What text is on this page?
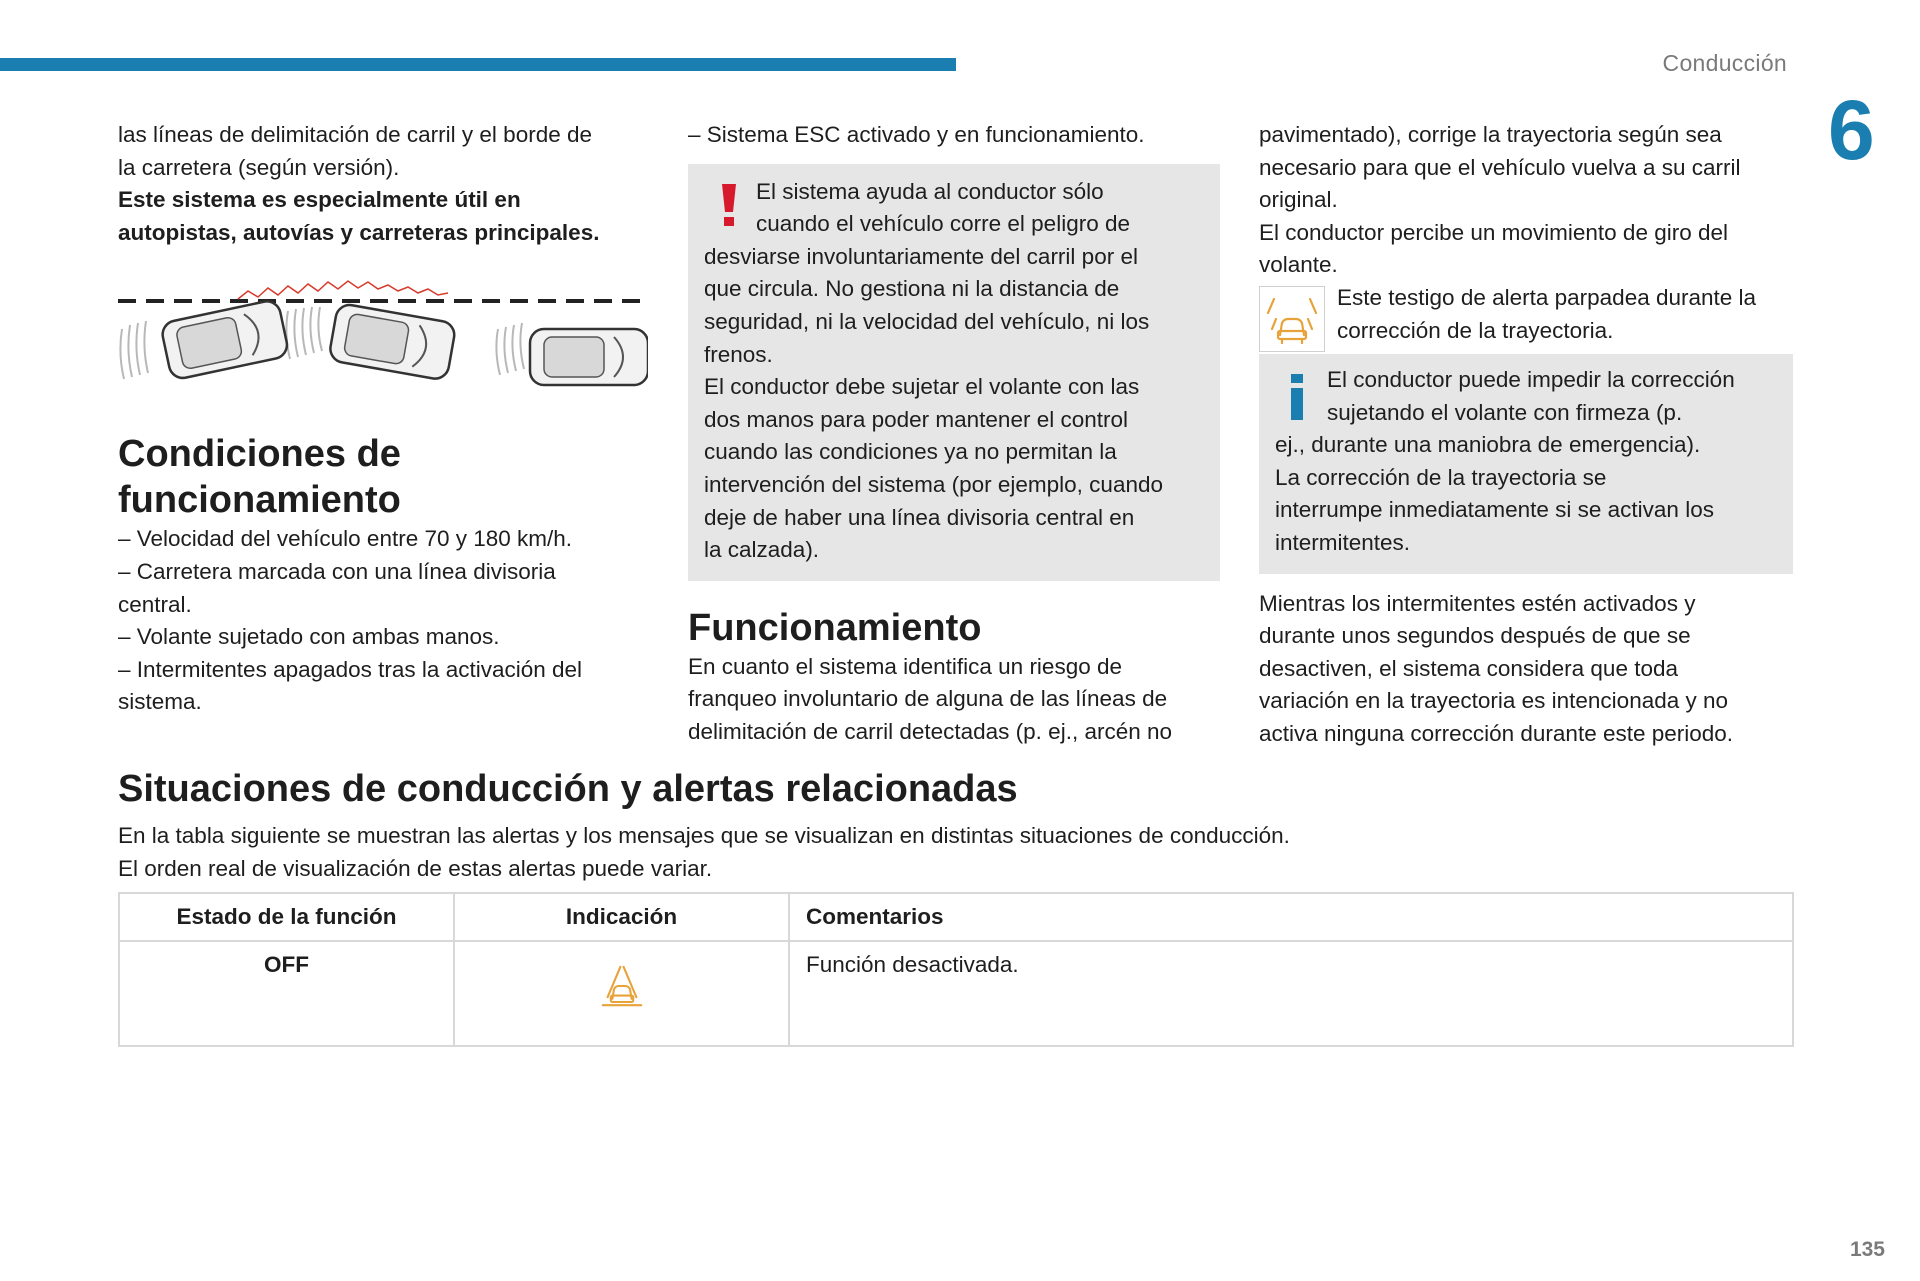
Conducción
6

las líneas de delimitación de carril y el borde de

la carretera (según versión).

Este sistema es especialmente útil en

autopistas, autovías y carreteras principales.

Condiciones de

funcionamiento

– Velocidad del vehículo entre 70 y 180 km/h.

– Carretera marcada con una línea divisoria

central.

– Volante sujetado con ambas manos.

– Intermitentes apagados tras la activación del

sistema.

– Sistema ESC activado y en funcionamiento.

El sistema ayuda al conductor sólo

cuando el vehículo corre el peligro de

desviarse involuntariamente del carril por el

que circula. No gestiona ni la distancia de

seguridad, ni la velocidad del vehículo, ni los

frenos.

El conductor debe sujetar el volante con las

dos manos para poder mantener el control

cuando las condiciones ya no permitan la

intervención del sistema (por ejemplo, cuando

deje de haber una línea divisoria central en

la calzada).

Funcionamiento

En cuanto el sistema identifica un riesgo de

franqueo involuntario de alguna de las líneas de

delimitación de carril detectadas (p. ej., arcén no

pavimentado), corrige la trayectoria según sea

necesario para que el vehículo vuelva a su carril

original.

El conductor percibe un movimiento de giro del

volante.

Este testigo de alerta parpadea durante la

corrección de la trayectoria.

El conductor puede impedir la corrección

sujetando el volante con firmeza (p.

ej., durante una maniobra de emergencia).

La corrección de la trayectoria se

interrumpe inmediatamente si se activan los

intermitentes.

Mientras los intermitentes estén activados y

durante unos segundos después de que se

desactiven, el sistema considera que toda

variación en la trayectoria es intencionada y no

activa ninguna corrección durante este periodo.

Situaciones de conducción y alertas relacionadas

En la tabla siguiente se muestran las alertas y los mensajes que se visualizan en distintas situaciones de conducción.

El orden real de visualización de estas alertas puede variar.

Estado de la función	Indicación	Comentarios
OFF		Función desactivada.
135
